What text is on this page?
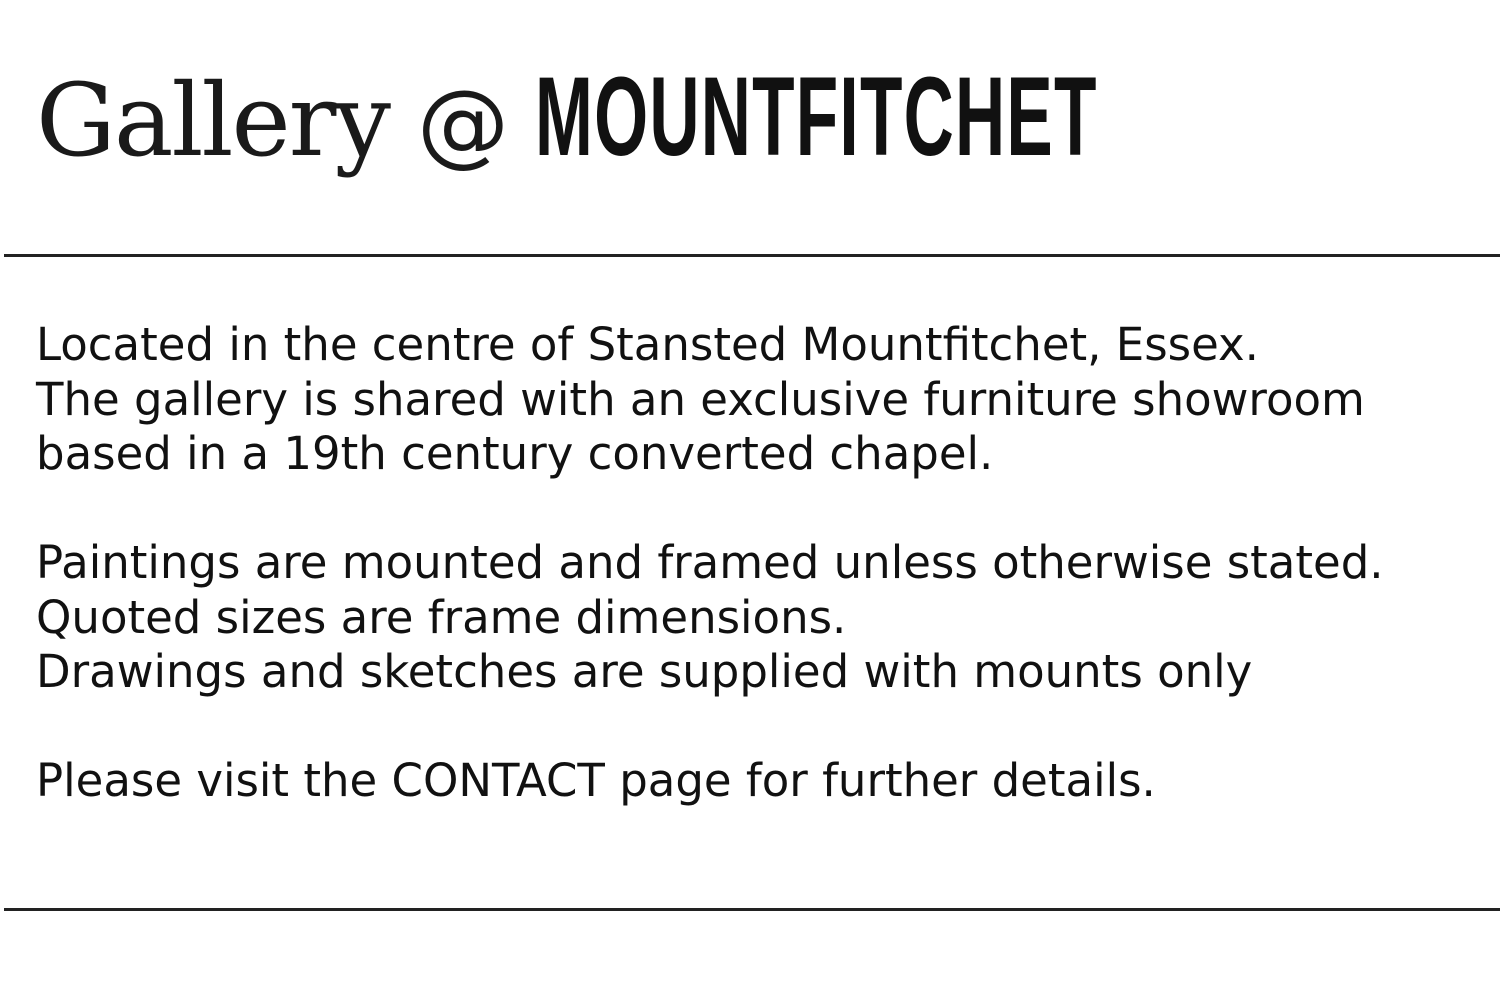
Gallery @ MOUNTFITCHET

Located in the centre of Stansted Mountfitchet, Essex.
The gallery is shared with an exclusive furniture showroom
based in a 19th century converted chapel.

Paintings are mounted and framed unless otherwise stated.
Quoted sizes are frame dimensions.
Drawings and sketches are supplied with mounts only

Please visit the CONTACT page for further details.
